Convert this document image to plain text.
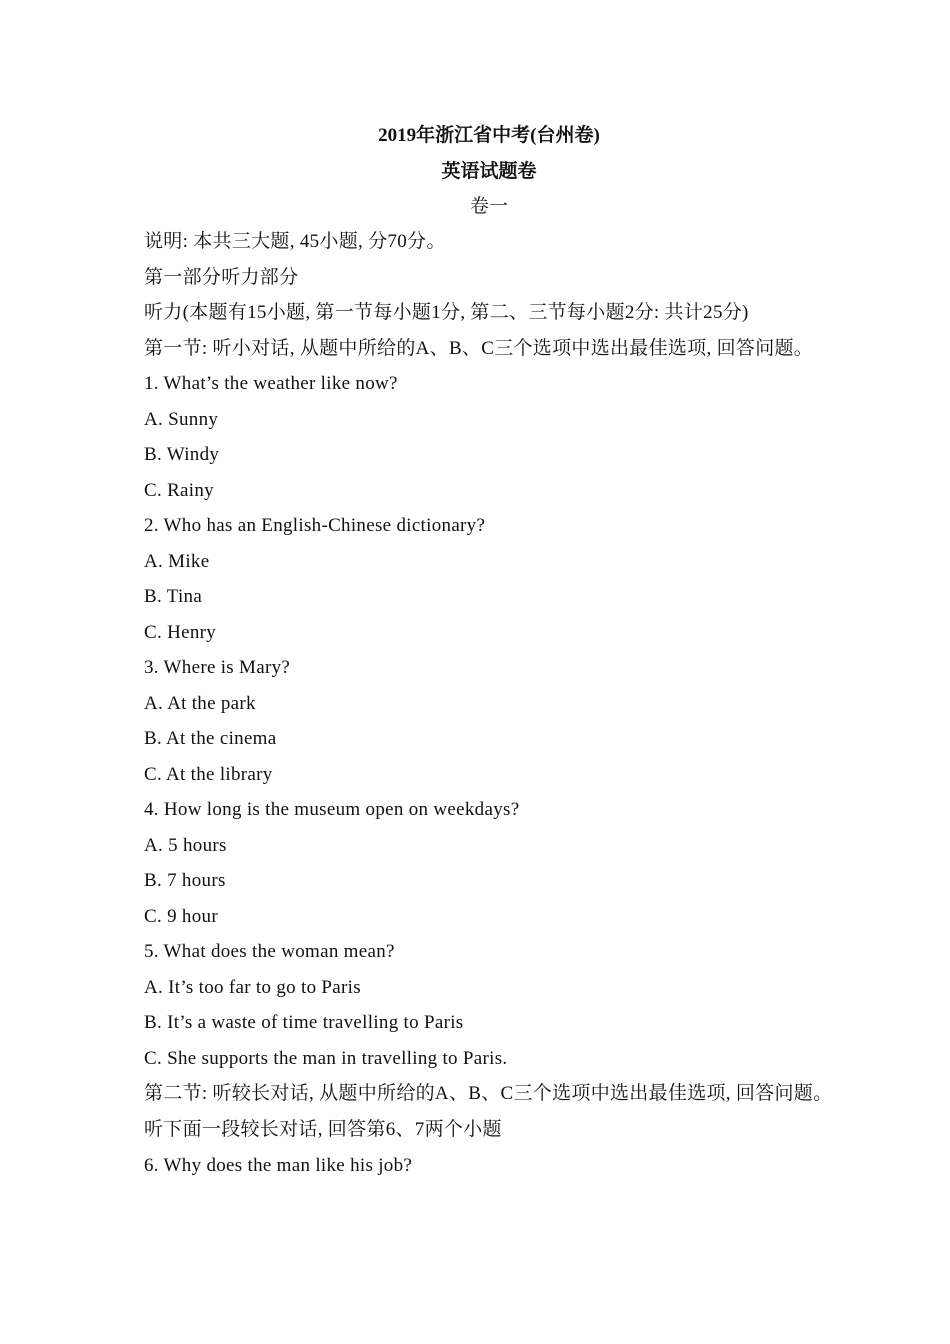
2019年浙江省中考(台州卷)
英语试题卷
卷一
说明: 本共三大题, 45小题, 分70分。
第一部分听力部分
听力(本题有15小题, 第一节每小题1分, 第二、三节每小题2分: 共计25分)
第一节: 听小对话, 从题中所给的A、B、C三个选项中选出最佳选项, 回答问题。
1. What’s the weather like now?
A. Sunny
B. Windy
C. Rainy
2. Who has an English-Chinese dictionary?
A. Mike
B. Tina
C. Henry
3. Where is Mary?
A. At the park
B. At the cinema
C. At the library
4. How long is the museum open on weekdays?
A. 5 hours
B. 7 hours
C. 9 hour
5. What does the woman mean?
A. It’s too far to go to Paris
B. It’s a waste of time travelling to Paris
C. She supports the man in travelling to Paris.
第二节: 听较长对话, 从题中所给的A、B、C三个选项中选出最佳选项, 回答问题。
听下面一段较长对话, 回答第6、7两个小题
6. Why does the man like his job?
